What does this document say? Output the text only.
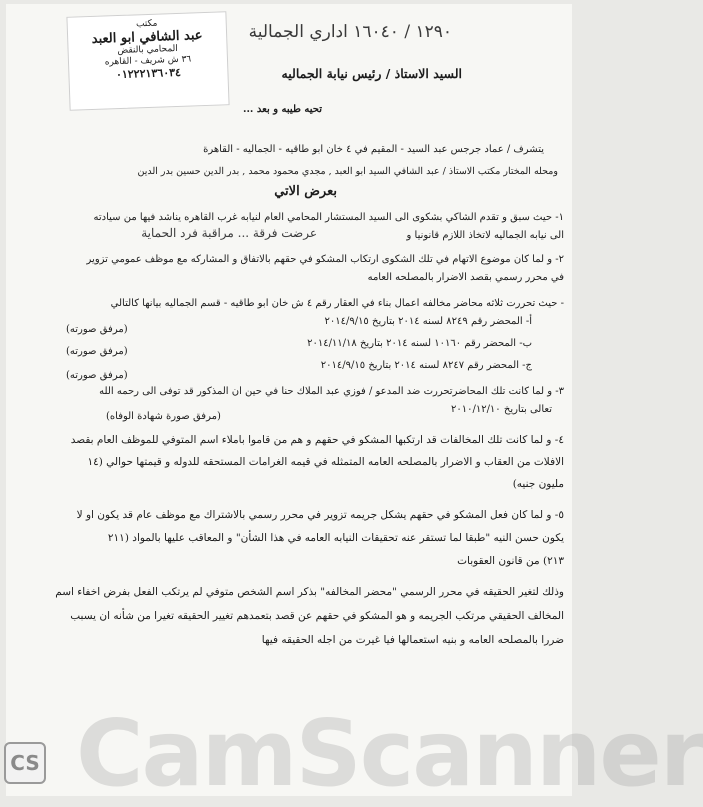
مكتب
عبد الشافي ابو العبد
المحامي بالنقض
٣٦ ش شريف - القاهره
٠١٢٢٢١٣٦٠٣٤
١٢٩٠ / ١٦٠٤٠ اداري الجمالية
السيد الاستاذ / رئيس نيابة الجماليه
تحيه طيبه و بعد ...
يتشرف / عماد جرجس عبد السيد - المقيم في ٤ خان ابو طاقيه - الجماليه - القاهرة
ومحله المختار مكتب الاستاذ / عبد الشافي السيد ابو العبد , مجدي محمود محمد , بدر الدين حسين بدر الدين
بعرض الاتي
١- حيث سبق و تقدم الشاكي بشكوى الى السيد المستشار المحامي العام لنيابه غرب القاهره يناشد فيها من سيادته
الى نيابه الجماليه لاتخاذ اللازم قانونيا و
عرضت فرقة ... مراقبة فرد الحماية
٢- و لما كان موضوع الاتهام في تلك الشكوى ارتكاب المشكو في حقهم بالاتفاق و المشاركه مع موظف عمومي تزوير
في محرر رسمي بقصد الاضرار بالمصلحه العامه
- حيث تحررت ثلاثه محاضر مخالفه اعمال بناء في العقار رقم ٤ ش خان ابو طاقيه - قسم الجماليه بيانها كالتالي
أ- المحضر رقم ٨٢٤٩ لسنه ٢٠١٤ بتاريخ ٢٠١٤/٩/١٥
(مرفق صورته)
ب- المحضر رقم ١٠١٦٠ لسنه ٢٠١٤ بتاريخ ٢٠١٤/١١/١٨
(مرفق صورته)
ج- المحضر رقم ٨٢٤٧ لسنه ٢٠١٤ بتاريخ ٢٠١٤/٩/١٥
(مرفق صورته)
٣- و لما كانت تلك المحاضرتحررت ضد المدعو / فوزي عبد الملاك حنا في حين ان المذكور قد توفى الى رحمه الله
تعالى بتاريخ ٢٠١٠/١٢/١٠
(مرفق صورة شهادة الوفاه)
٤- و لما كانت تلك المخالفات قد ارتكبها المشكو في حقهم و هم من قاموا باملاء اسم المتوفي للموظف العام بقصد
الافلات من العقاب و الاضرار بالمصلحه العامه المتمثله في قيمه الغرامات المستحقه للدوله و قيمتها حوالي (١٤
مليون جنيه)
٥- و لما كان فعل المشكو في حقهم يشكل جريمه تزوير في محرر رسمي بالاشتراك مع موظف عام قد يكون او لا
يكون حسن النيه "طبقا لما تستقر عنه تحقيقات النيابه العامه في هذا الشأن" و المعاقب عليها بالمواد (٢١١
٢١٣) من قانون العقوبات
وذلك لتغير الحقيقه في محرر الرسمي "محضر المخالفه" بذكر اسم الشخص متوفي لم يرتكب الفعل بفرض اخفاء اسم
المخالف الحقيقي مرتكب الجريمه و هو المشكو في حقهم عن قصد بتعمدهم تغيير الحقيقه تغيرا من شأنه ان يسبب
ضررا بالمصلحه العامه و بنيه استعمالها فيا غيرت من اجله الحقيقه فيها
CamScanner
CS
